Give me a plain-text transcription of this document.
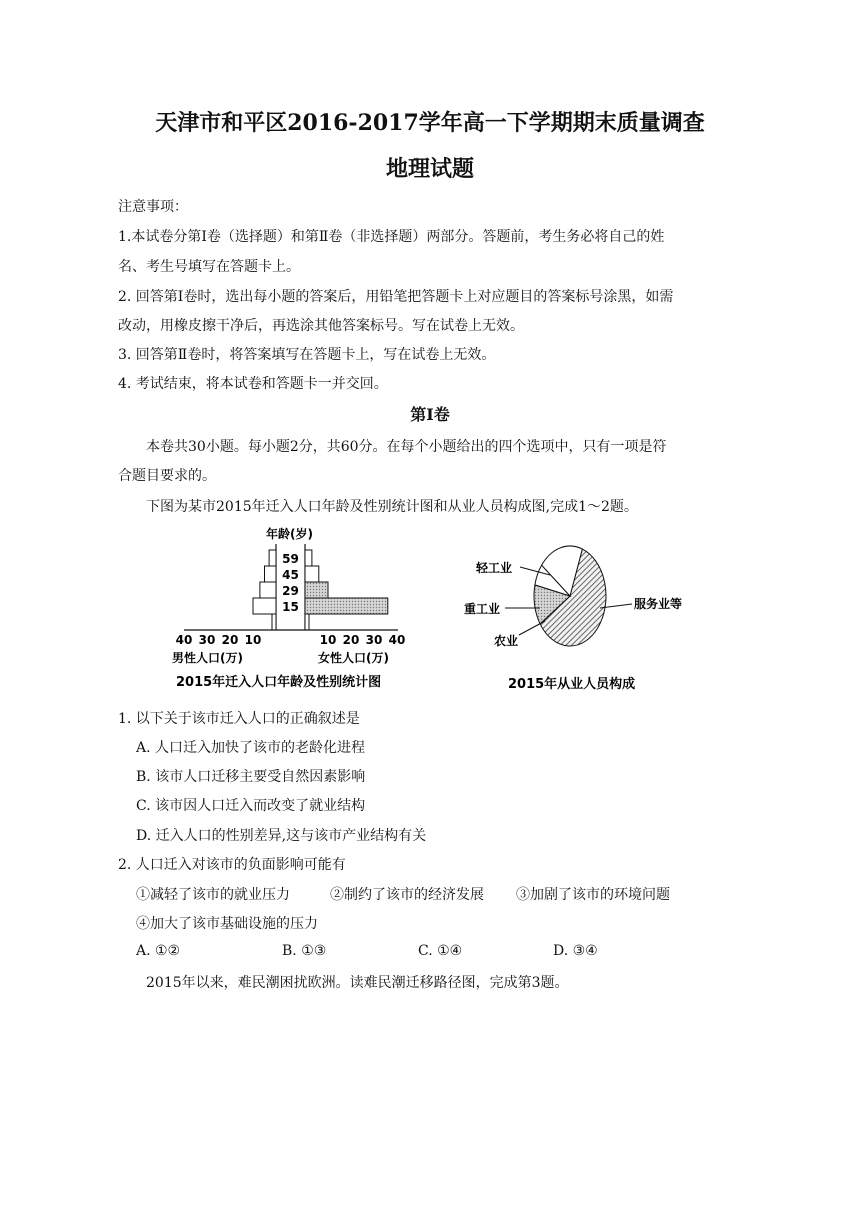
天津市和平区2016-2017学年高一下学期期末质量调查
地理试题
注意事项：
1.本试卷分第Ⅰ卷（选择题）和第Ⅱ卷（非选择题）两部分。答题前，考生务必将自己的姓
名、考生号填写在答题卡上。
2. 回答第Ⅰ卷时，选出每小题的答案后，用铅笔把答题卡上对应题目的答案标号涂黑，如需
改动，用橡皮擦干净后，再选涂其他答案标号。写在试卷上无效。
3. 回答第Ⅱ卷时，将答案填写在答题卡上，写在试卷上无效。
4. 考试结束，将本试卷和答题卡一并交回。
第Ⅰ卷
本卷共30小题。每小题2分，共60分。在每个小题给出的四个选项中，只有一项是符
合题目要求的。
下图为某市2015年迁入人口年龄及性别统计图和从业人员构成图,完成1～2题。
年龄(岁)
15
29
45
59
40 30 20 10	10 20 30 40
男性人口(万)	女性人口(万)
2015年迁入人口年龄及性别统计图
轻工业
服务业等
重工业
农业
2015年从业人员构成
1. 以下关于该市迁入人口的正确叙述是
A. 人口迁入加快了该市的老龄化进程
B. 该市人口迁移主要受自然因素影响
C. 该市因人口迁入而改变了就业结构
D. 迁入人口的性别差异,这与该市产业结构有关
2. 人口迁入对该市的负面影响可能有
①减轻了该市的就业压力	②制约了该市的经济发展 ③加剧了该市的环境问题
④加大了该市基础设施的压力
A. ①②	B. ①③	C. ①④	D. ③④
2015年以来，难民潮困扰欧洲。读难民潮迁移路径图，完成第3题。
